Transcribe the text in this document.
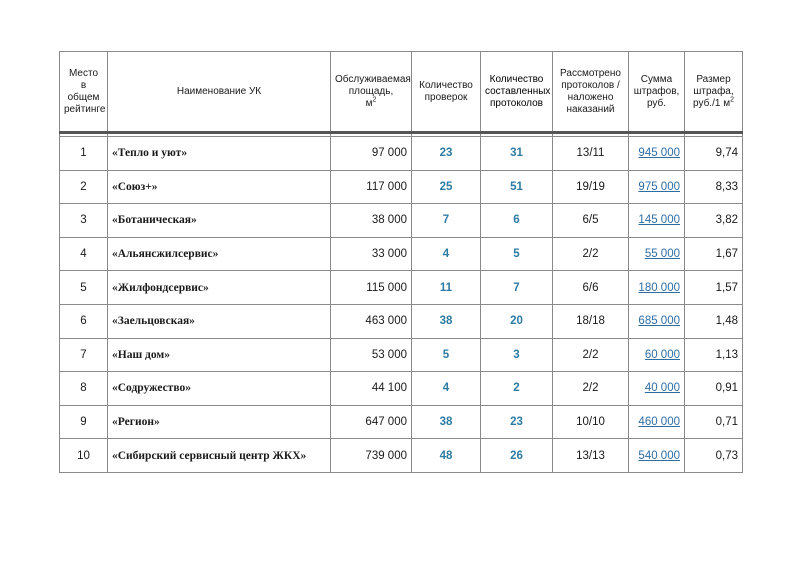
Место
в общем
рейтинге	Наименование УК	Обслуживаемая
площадь,
$м^2$	Количество
проверок	Количество
составленных
протоколов	Рассмотрено
протоколов /
наложено
наказаний	Сумма
штрафов,
руб.	Размер
штрафа,
руб./1 $м^2$

1	«Тепло и уют»	97 000	23	31	13/11	945 000	9,74
2	«Союз+»	117 000	25	51	19/19	975 000	8,33
3	«Ботаническая»	38 000	7	6	6/5	145 000	3,82
4	«Альянсжилсервис»	33 000	4	5	2/2	55 000	1,67
5	«Жилфондсервис»	115 000	11	7	6/6	180 000	1,57
6	«Заельцовская»	463 000	38	20	18/18	685 000	1,48
7	«Наш дом»	53 000	5	3	2/2	60 000	1,13
8	«Содружество»	44 100	4	2	2/2	40 000	0,91
9	«Регион»	647 000	38	23	10/10	460 000	0,71
10	«Сибирский сервисный центр ЖКХ»	739 000	48	26	13/13	540 000	0,73
